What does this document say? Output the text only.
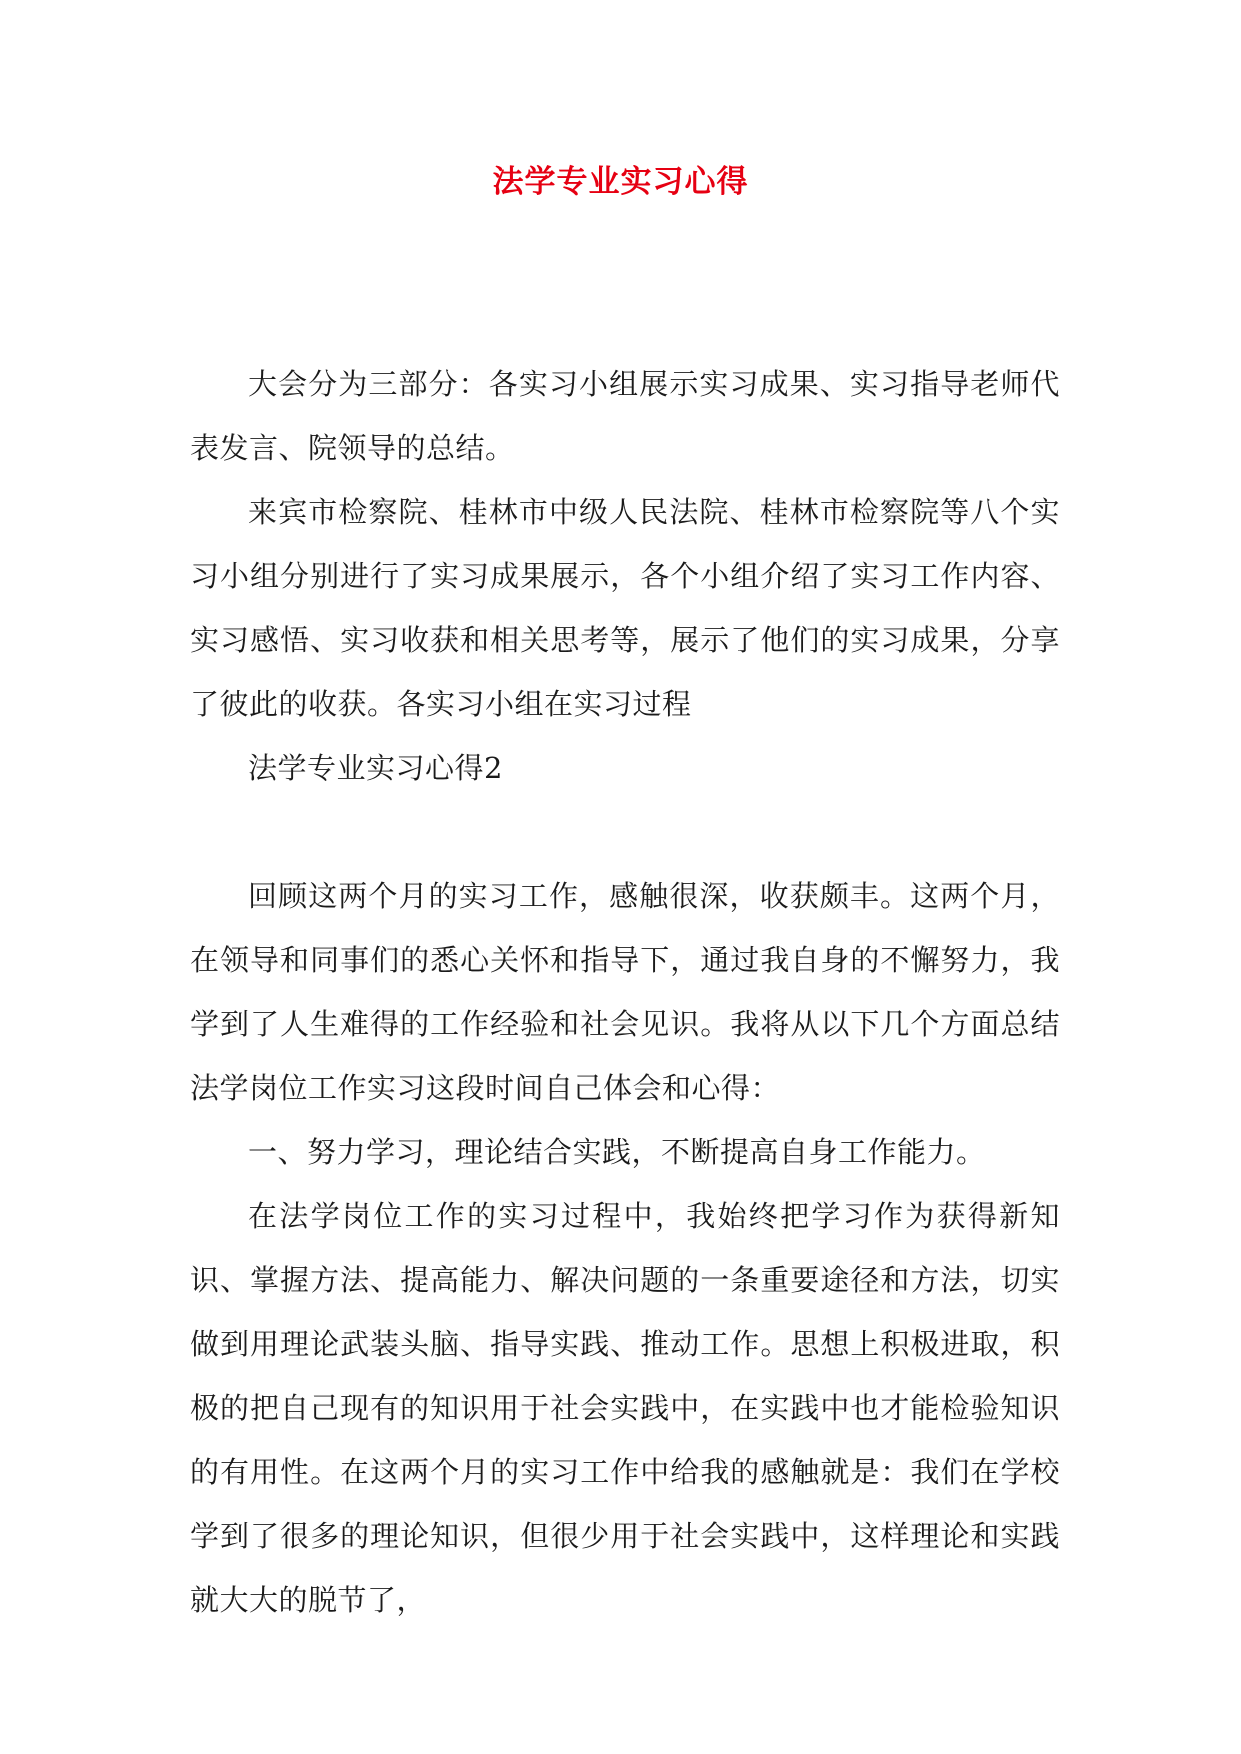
法学专业实习心得

大会分为三部分：各实习小组展示实习成果、实习指导老师代表发言、院领导的总结。

来宾市检察院、桂林市中级人民法院、桂林市检察院等八个实习小组分别进行了实习成果展示，各个小组介绍了实习工作内容、实习感悟、实习收获和相关思考等，展示了他们的实习成果，分享了彼此的收获。各实习小组在实习过程

法学专业实习心得2

回顾这两个月的实习工作，感触很深，收获颇丰。这两个月，在领导和同事们的悉心关怀和指导下，通过我自身的不懈努力，我学到了人生难得的工作经验和社会见识。我将从以下几个方面总结法学岗位工作实习这段时间自己体会和心得：

一、努力学习，理论结合实践，不断提高自身工作能力。

在法学岗位工作的实习过程中，我始终把学习作为获得新知识、掌握方法、提高能力、解决问题的一条重要途径和方法，切实做到用理论武装头脑、指导实践、推动工作。思想上积极进取，积极的把自己现有的知识用于社会实践中，在实践中也才能检验知识的有用性。在这两个月的实习工作中给我的感触就是：我们在学校学到了很多的理论知识，但很少用于社会实践中，这样理论和实践就大大的脱节了，
